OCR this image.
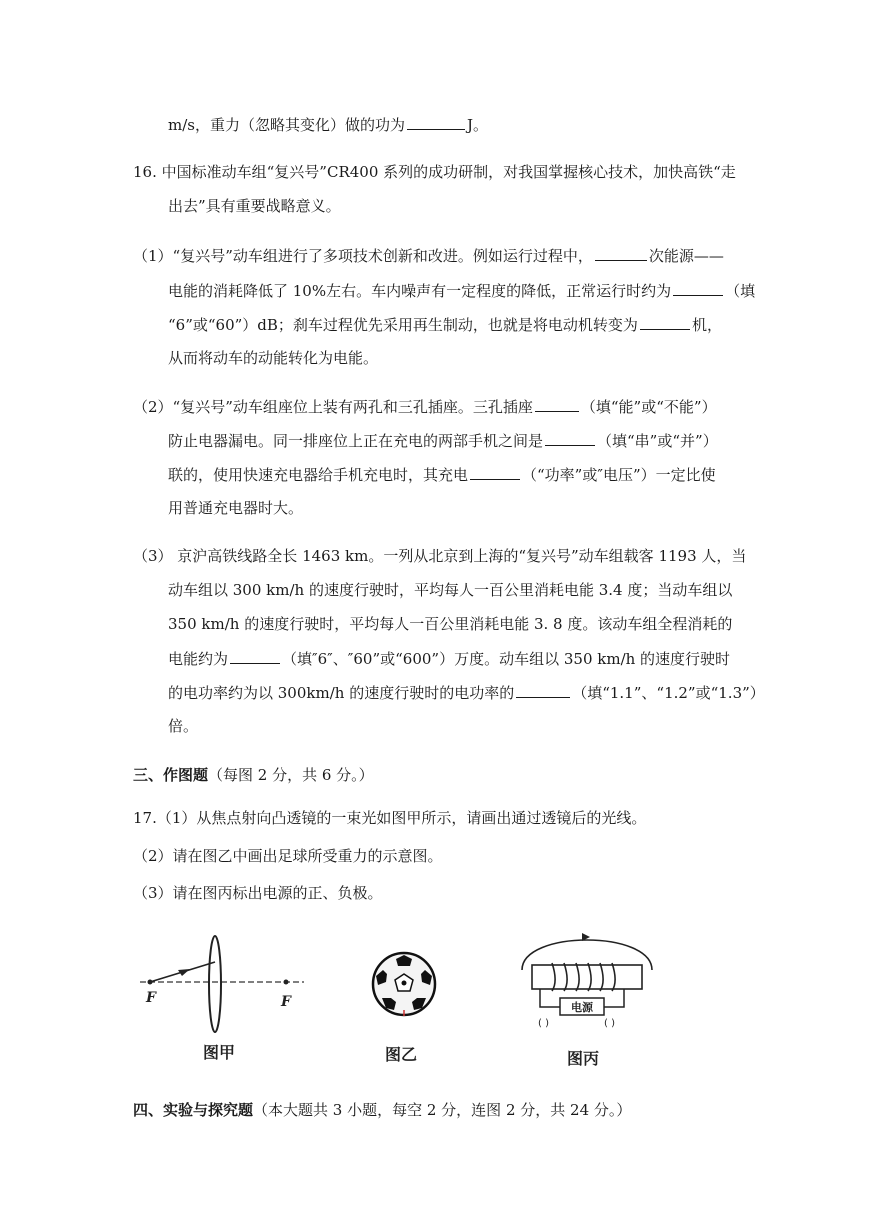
m/s，重力（忽略其变化）做的功为	J。
16. 中国标准动车组“复兴号”CR400 系列的成功研制，对我国掌握核心技术，加快高铁“走
出去”具有重要战略意义。
（1）“复兴号”动车组进行了多项技术创新和改进。例如运行过程中，	次能源——
电能的消耗降低了 10%左右。车内噪声有一定程度的降低，正常运行时约为	（填
“6”或“60”）dB；刹车过程优先采用再生制动，也就是将电动机转变为	机，
从而将动车的动能转化为电能。
（2）“复兴号”动车组座位上装有两孔和三孔插座。三孔插座	（填“能”或“不能”）
防止电器漏电。同一排座位上正在充电的两部手机之间是	（填“串”或“并”）
联的，使用快速充电器给手机充电时，其充电	（“功率”或″电压”）一定比使
用普通充电器时大。
（3） 京沪高铁线路全长 1463 km。一列从北京到上海的“复兴号”动车组载客 1193 人，当
动车组以 300 km/h 的速度行驶时，平均每人一百公里消耗电能 3.4 度；当动车组以
350 km/h 的速度行驶时，平均每人一百公里消耗电能 3. 8 度。该动车组全程消耗的
电能约为	（填″6″、″60”或“600”）万度。动车组以 350 km/h 的速度行驶时
的电功率约为以 300km/h 的速度行驶时的电功率的	（填“1.1”、“1.2”或“1.3”）
倍。
三、作图题（每图 2 分，共 6 分。）
17.（1）从焦点射向凸透镜的一束光如图甲所示，请画出通过透镜后的光线。
（2）请在图乙中画出足球所受重力的示意图。
（3）请在图丙标出电源的正、负极。
F	F
图甲	图乙
电源
( )	( )
图丙
四、实验与探究题（本大题共 3 小题，每空 2 分，连图 2 分，共 24 分。）
